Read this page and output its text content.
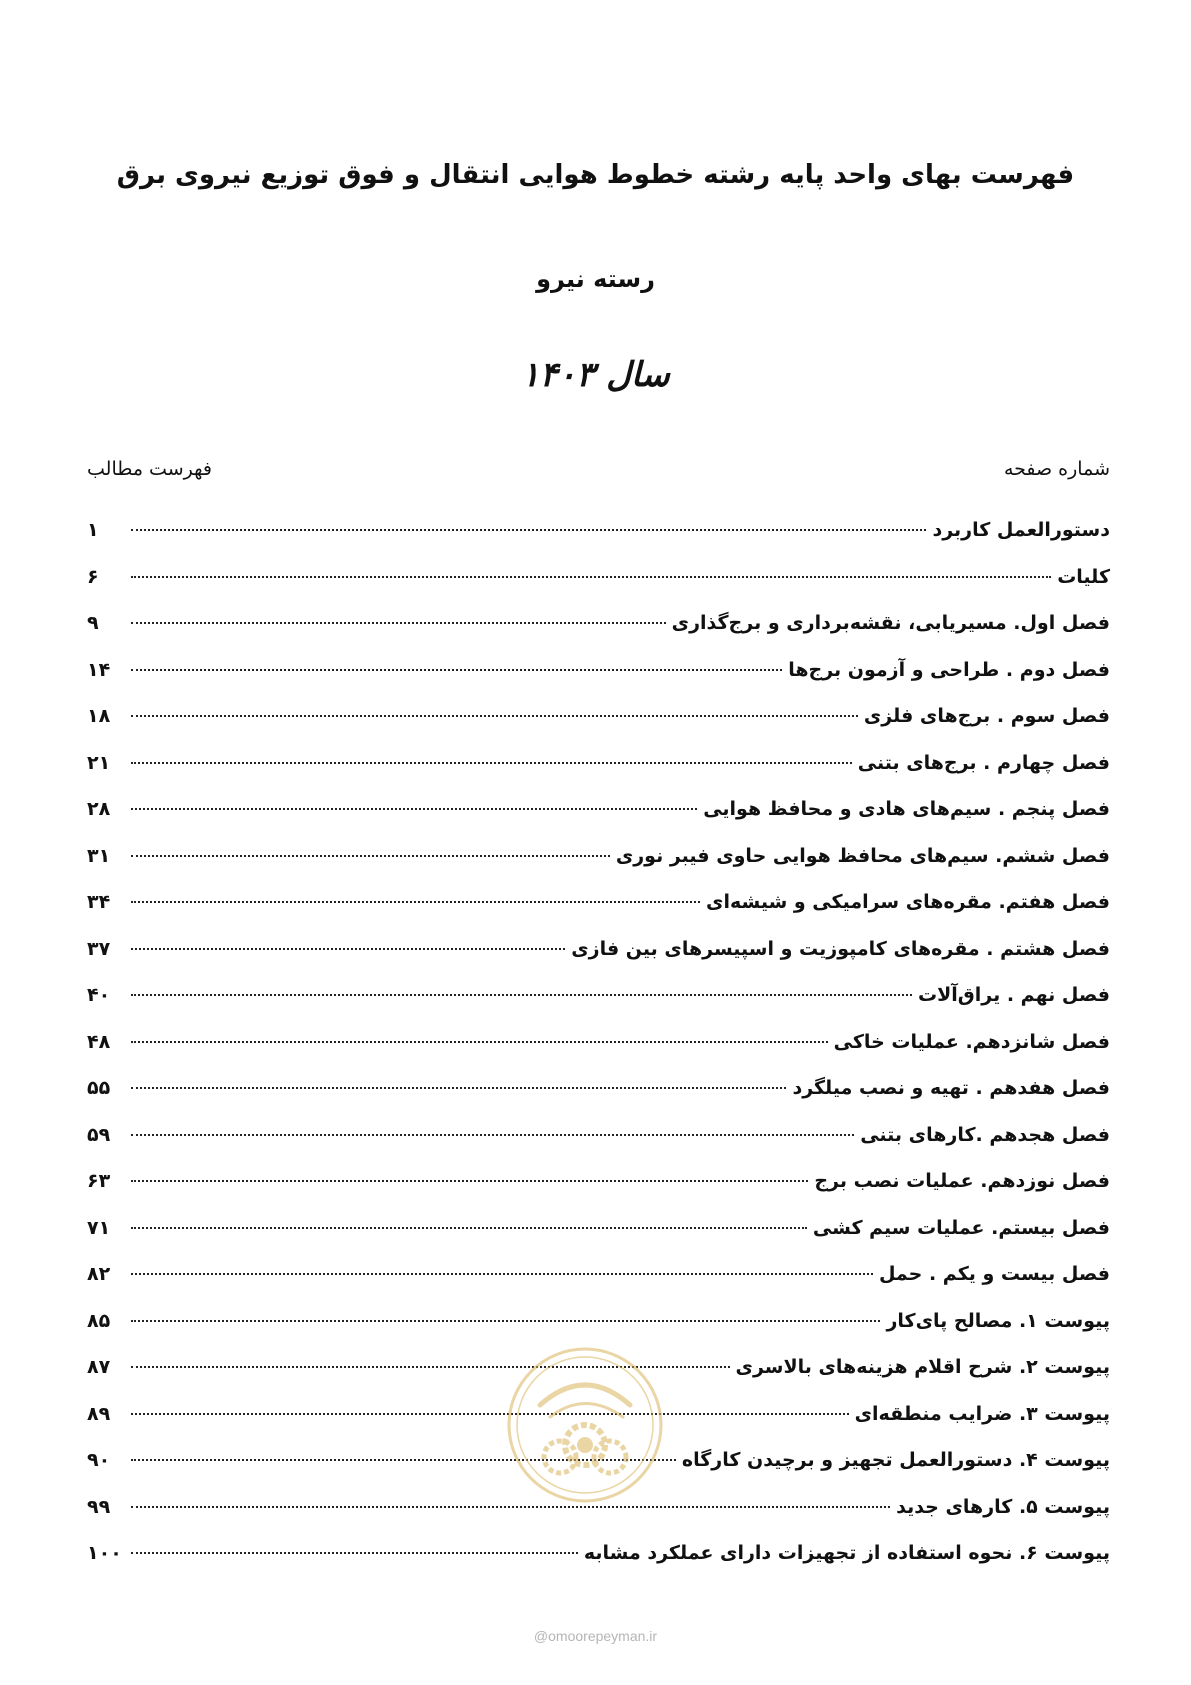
فهرست بهای واحد پایه رشته خطوط هوایی انتقال و فوق توزیع نیروی برق
رسته نیرو
سال ۱۴۰۳
فهرست مطالب	شماره صفحه
دستورالعمل کاربرد
۱
کلیات
۶
فصل اول. مسیریابی، نقشه‌برداری و برج‌گذاری
۹
فصل دوم . طراحی و آزمون برج‌ها
۱۴
فصل سوم . برج‌های فلزی
۱۸
فصل چهارم . برج‌های بتنی
۲۱
فصل پنجم . سیم‌های هادی و محافظ هوایی
۲۸
فصل ششم. سیم‌های محافظ هوایی حاوی فیبر نوری
۳۱
فصل هفتم. مقره‌های سرامیکی و شیشه‌ای
۳۴
فصل هشتم . مقره‌های کامپوزیت و اسپیسرهای بین فازی
۳۷
فصل نهم . یراق‌آلات
۴۰
فصل شانزدهم. عملیات خاکی
۴۸
فصل هفدهم . تهیه و نصب میلگرد
۵۵
فصل هجدهم .کارهای بتنی
۵۹
فصل نوزدهم. عملیات نصب برج
۶۳
فصل بیستم. عملیات سیم کشی
۷۱
فصل بیست و یکم . حمل
۸۲
پیوست ۱. مصالح پای‌کار
۸۵
پیوست ۲. شرح اقلام هزینه‌های بالاسری
۸۷
پیوست ۳. ضرایب منطقه‌ای
۸۹
پیوست ۴. دستورالعمل تجهیز و برچیدن کارگاه
۹۰
پیوست ۵. کارهای جدید
۹۹
پیوست ۶. نحوه استفاده از تجهیزات دارای عملکرد مشابه
۱۰۰
@omoorepeyman.ir
